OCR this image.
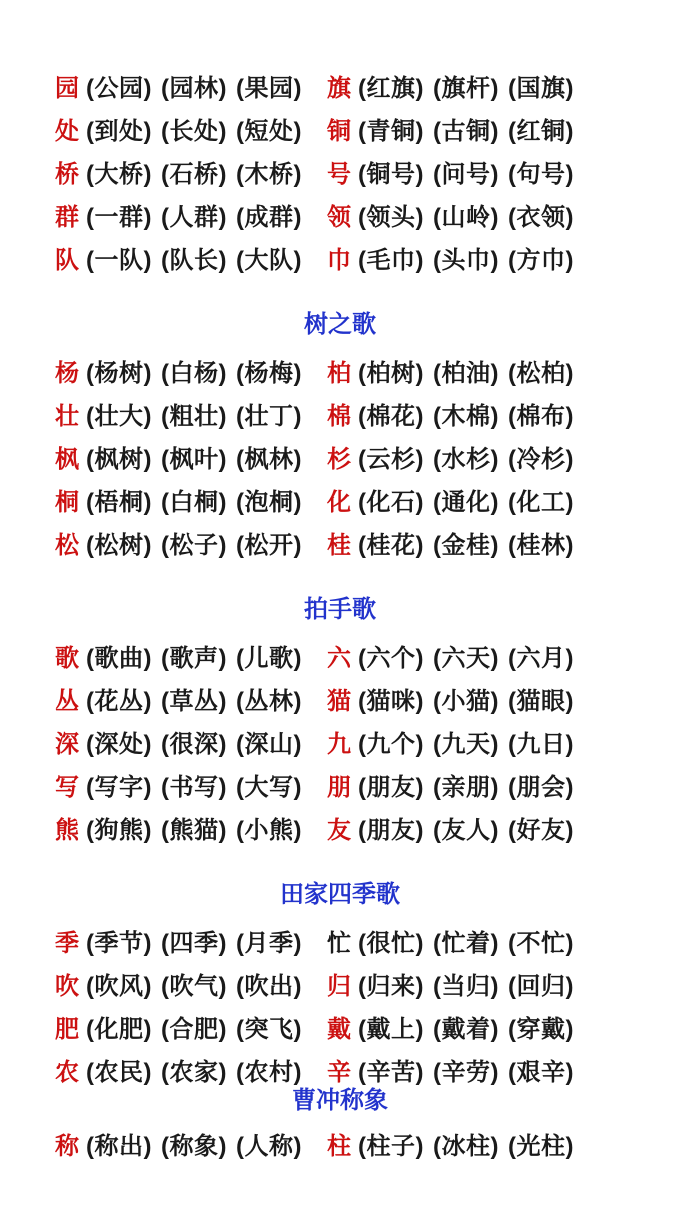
园 (公园) (园林) (果园) 旗 (红旗) (旗杆) (国旗)
处 (到处) (长处) (短处) 铜 (青铜) (古铜) (红铜)
桥 (大桥) (石桥) (木桥) 号 (铜号) (问号) (句号)
群 (一群) (人群) (成群) 领 (领头) (山岭) (衣领)
队 (一队) (队长) (大队) 巾 (毛巾) (头巾) (方巾)
树之歌
杨 (杨树) (白杨) (杨梅) 柏 (柏树) (柏油) (松柏)
壮 (壮大) (粗壮) (壮丁) 棉 (棉花) (木棉) (棉布)
枫 (枫树) (枫叶) (枫林) 杉 (云杉) (水杉) (冷杉)
桐 (梧桐) (白桐) (泡桐) 化 (化石) (通化) (化工)
松 (松树) (松子) (松开) 桂 (桂花) (金桂) (桂林)
拍手歌
歌 (歌曲) (歌声) (儿歌) 六 (六个) (六天) (六月)
丛 (花丛) (草丛) (丛林) 猫 (猫咪) (小猫) (猫眼)
深 (深处) (很深) (深山) 九 (九个) (九天) (九日)
写 (写字) (书写) (大写) 朋 (朋友) (亲朋) (朋会)
熊 (狗熊) (熊猫) (小熊) 友 (朋友) (友人) (好友)
田家四季歌
季 (季节) (四季) (月季) 忙 (很忙) (忙着) (不忙)
吹 (吹风) (吹气) (吹出) 归 (归来) (当归) (回归)
肥 (化肥) (合肥) (突飞) 戴 (戴上) (戴着) (穿戴)
农 (农民) (农家) (农村) 辛 (辛苦) (辛劳) (艰辛)
曹冲称象
称 (称出) (称象) (人称) 柱 (柱子) (冰柱) (光柱)
